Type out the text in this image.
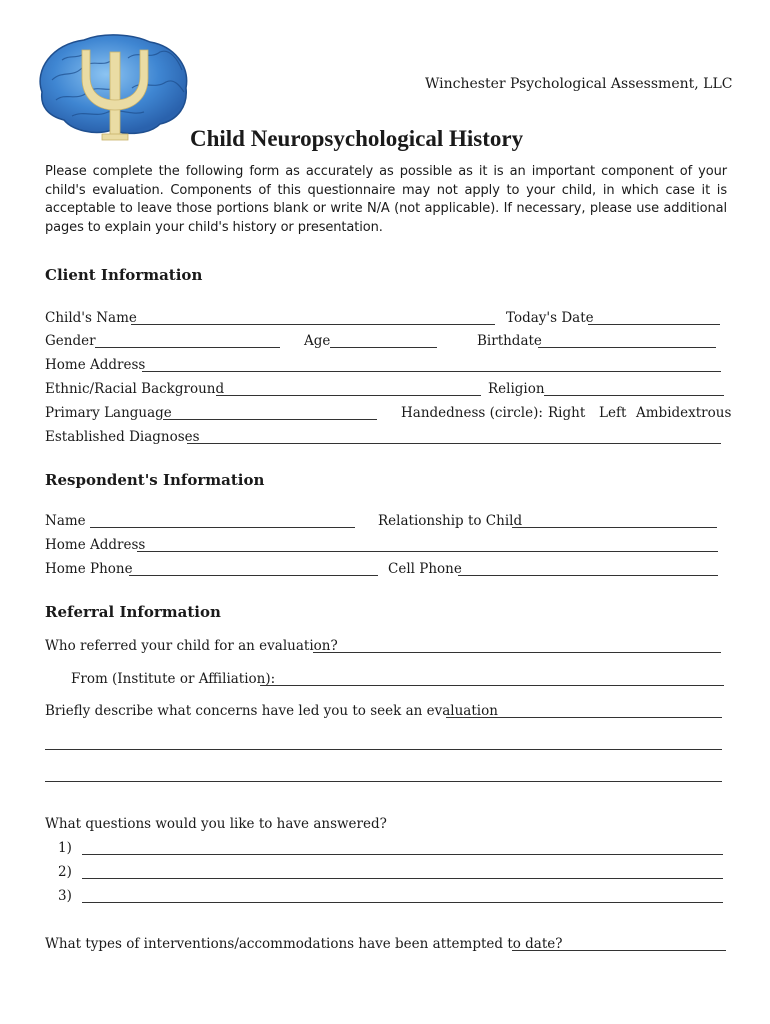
Winchester Psychological Assessment, LLC
Child Neuropsychological History
Please complete the following form as accurately as possible as it is an important component of your child's evaluation. Components of this questionnaire may not apply to your child, in which case it is acceptable to leave those portions blank or write N/A (not applicable). If necessary, please use additional pages to explain your child's history or presentation.
Client Information
Child's Name	Today's Date
Gender	Age	Birthdate
Home Address
Ethnic/Racial Background	Religion
Primary Language	Handedness (circle): Right Left Ambidextrous
Established Diagnoses
Respondent's Information
Name	Relationship to Child
Home Address
Home Phone	Cell Phone
Referral Information
Who referred your child for an evaluation?
From (Institute or Affiliation):
Briefly describe what concerns have led you to seek an evaluation
What questions would you like to have answered?
1)
2)
3)
What types of interventions/accommodations have been attempted to date?
